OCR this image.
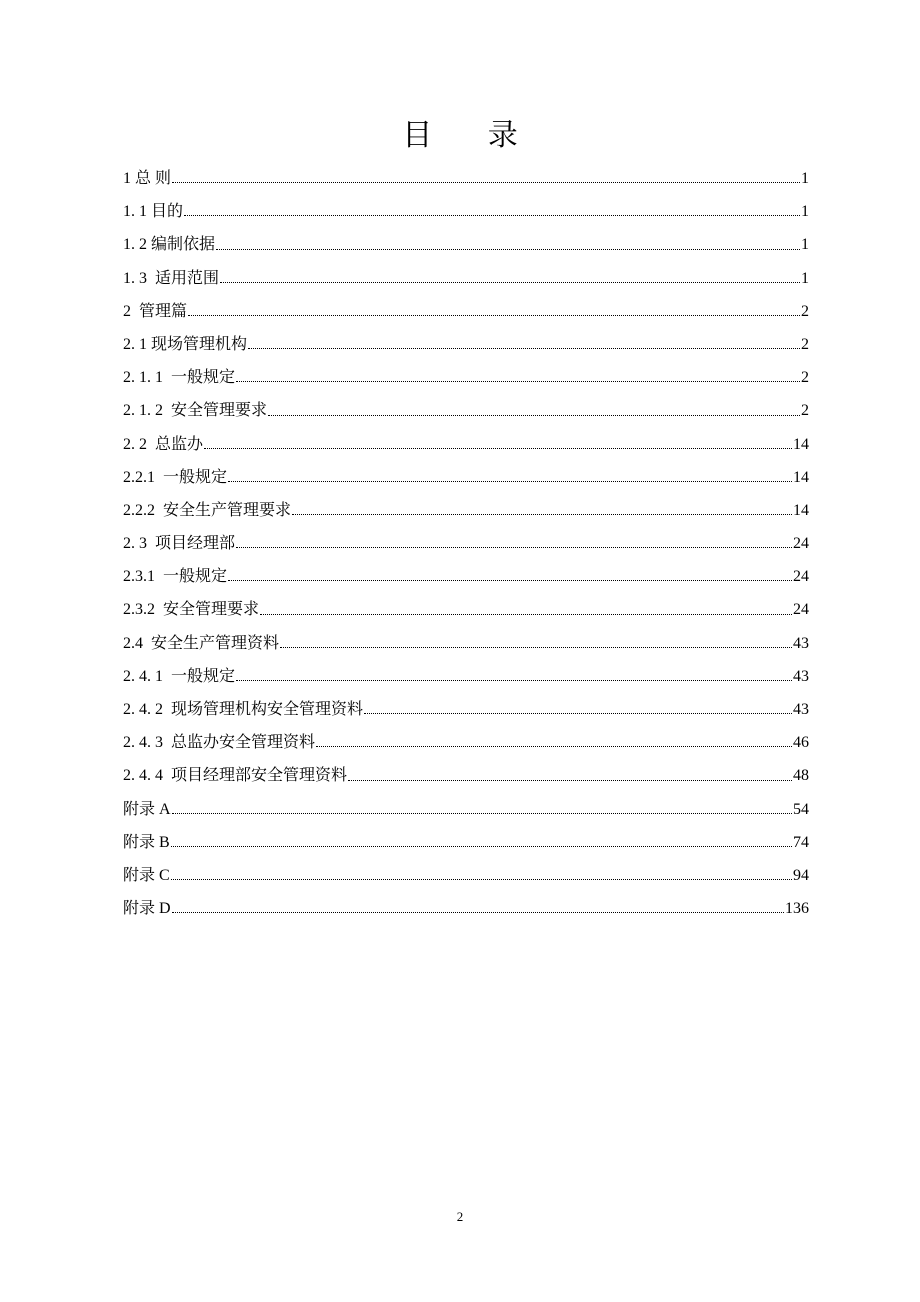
目 录
1 总 则	1
1. 1 目的	1
1. 2 编制依据	1
1. 3  适用范围	1
2  管理篇	2
2. 1 现场管理机构	2
2. 1. 1  一般规定	2
2. 1. 2  安全管理要求	2
2. 2  总监办	14
2.2.1  一般规定	14
2.2.2  安全生产管理要求	14
2. 3  项目经理部	24
2.3.1  一般规定	24
2.3.2  安全管理要求	24
2.4  安全生产管理资料	43
2. 4. 1  一般规定	43
2. 4. 2  现场管理机构安全管理资料	43
2. 4. 3  总监办安全管理资料	46
2. 4. 4  项目经理部安全管理资料	48
附录 A	54
附录 B	74
附录 C	94
附录 D	136
2
